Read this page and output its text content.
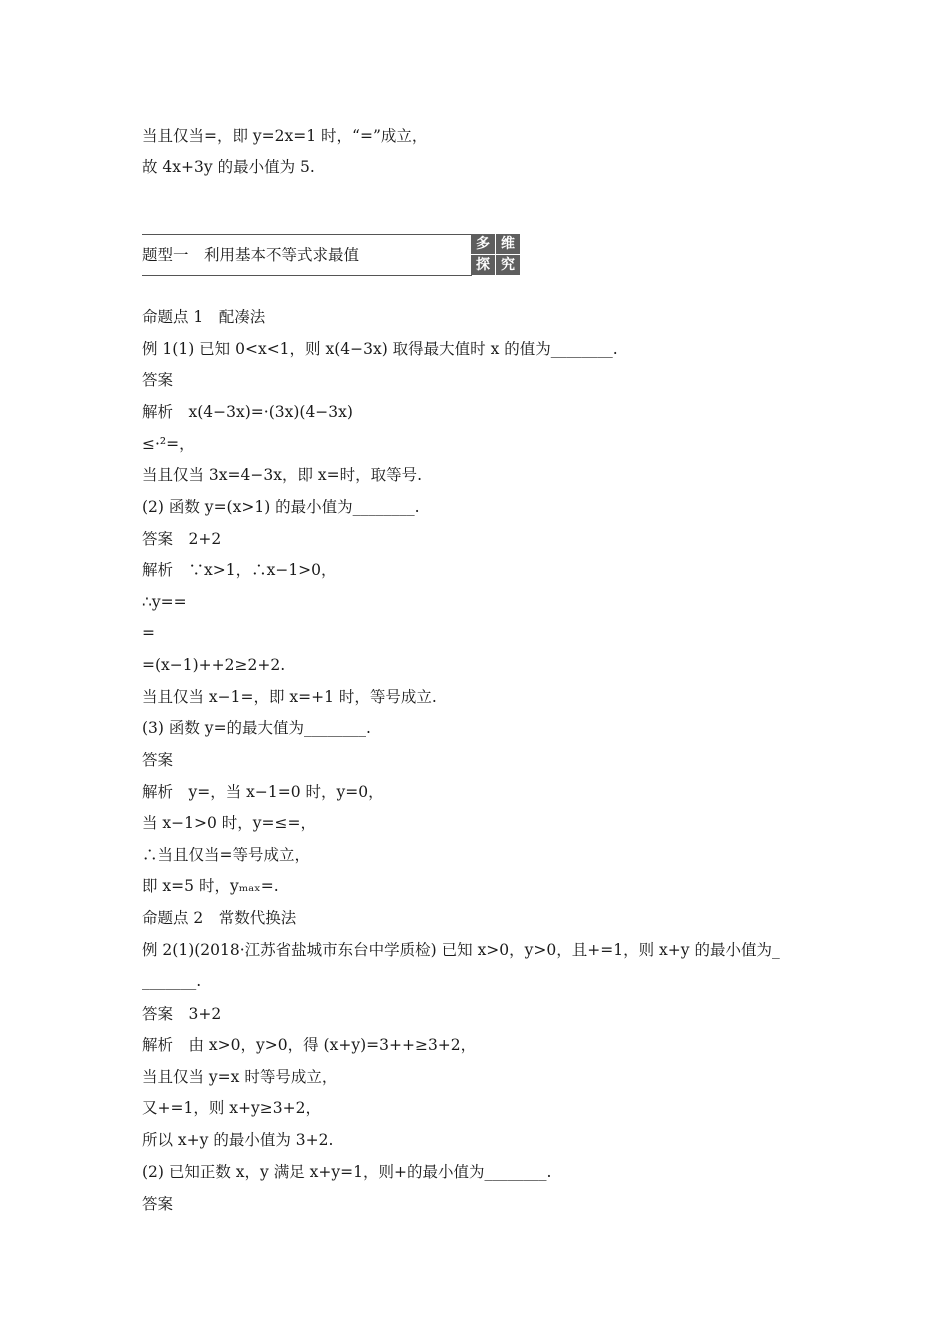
当且仅当=，即 y=2x=1 时，“=”成立，
故 4x+3y 的最小值为 5.
题型一　利用基本不等式求最值
多 维
探 究
命题点 1　配凑法
例 1(1) 已知 0<x<1，则 x(4−3x) 取得最大值时 x 的值为________.
答案
解析　x(4−3x)=·(3x)(4−3x)
≤·²=，
当且仅当 3x=4−3x，即 x=时，取等号.
(2) 函数 y=(x>1) 的最小值为________.
答案　2+2
解析　∵x>1，∴x−1>0，
∴y==
=
=(x−1)++2≥2+2.
当且仅当 x−1=，即 x=+1 时，等号成立.
(3) 函数 y=的最大值为________.
答案
解析　y=，当 x−1=0 时，y=0，
当 x−1>0 时，y=≤=，
∴当且仅当=等号成立，
即 x=5 时，yₘₐₓ=.
命题点 2　常数代换法
例 2(1)(2018·江苏省盐城市东台中学质检) 已知 x>0，y>0，且+=1，则 x+y 的最小值为_
_______.
答案　3+2
解析　由 x>0，y>0，得 (x+y)=3++≥3+2，
当且仅当 y=x 时等号成立，
又+=1，则 x+y≥3+2，
所以 x+y 的最小值为 3+2.
(2) 已知正数 x，y 满足 x+y=1，则+的最小值为________.
答案
